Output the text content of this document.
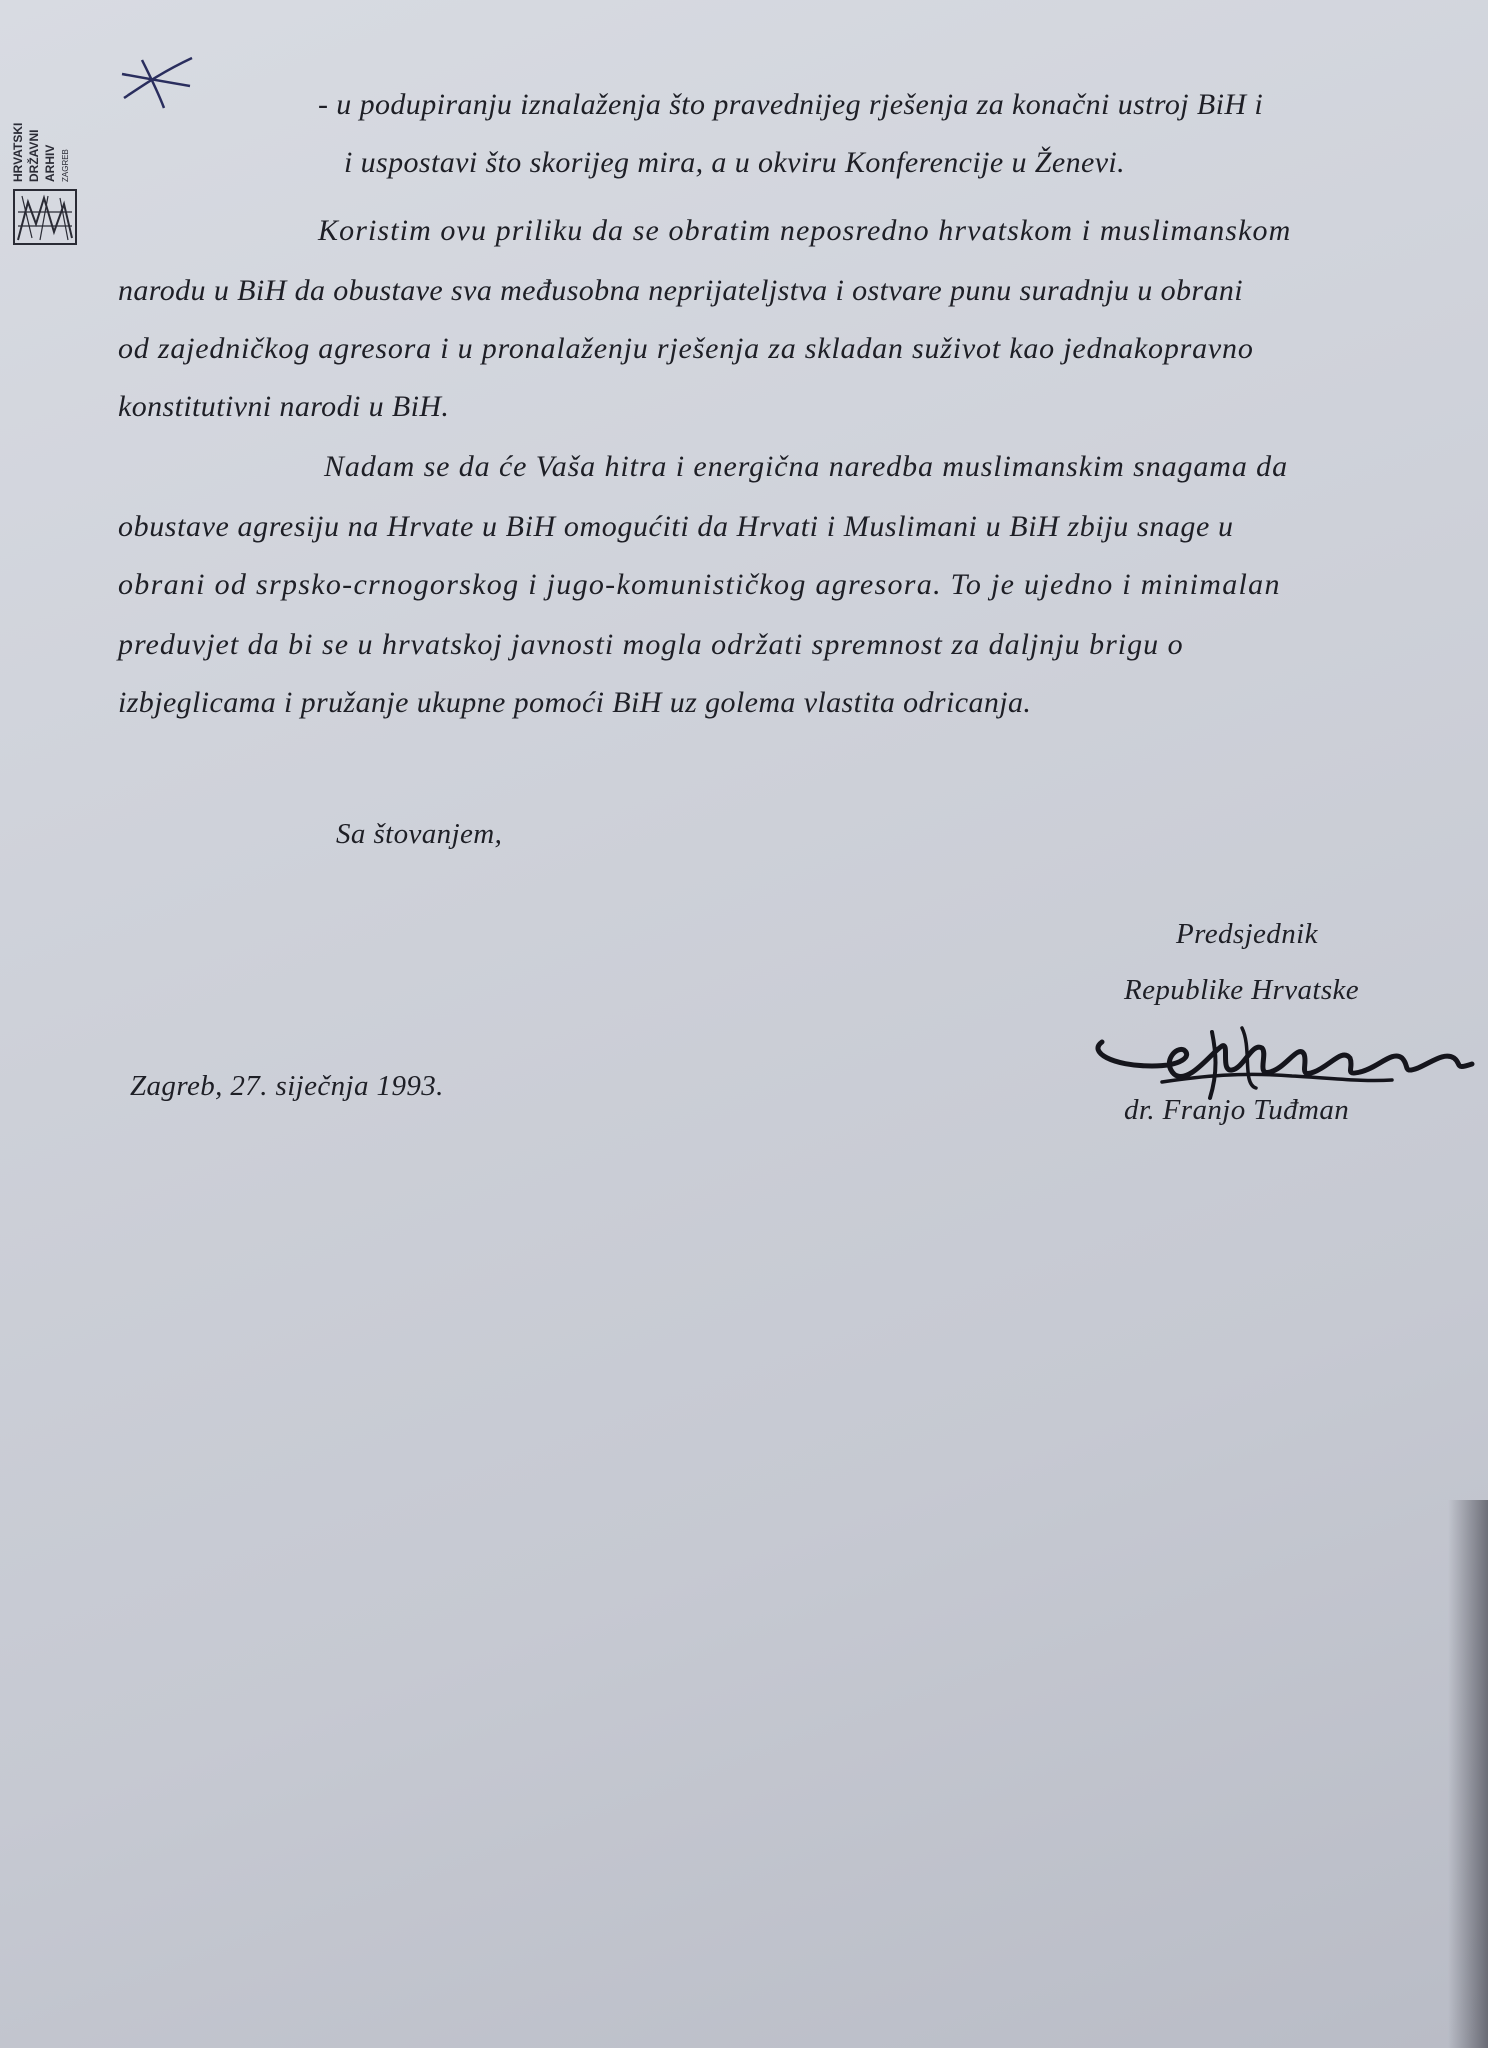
HRVATSKI DRŽAVNI ARHIV ZAGREB
- u podupiranju iznalaženja što pravednijeg rješenja za konačni ustroj BiH i
i uspostavi što skorijeg mira, a u okviru Konferencije u Ženevi.
Koristim ovu priliku da se obratim neposredno hrvatskom i muslimanskom
narodu u BiH da obustave sva međusobna neprijateljstva i ostvare punu suradnju u obrani
od zajedničkog agresora i u pronalaženju rješenja za skladan suživot kao jednakopravno
konstitutivni narodi u BiH.
Nadam se da će Vaša hitra i energična naredba muslimanskim snagama da
obustave agresiju na Hrvate u BiH omogućiti da Hrvati i Muslimani u BiH zbiju snage u
obrani od srpsko-crnogorskog i jugo-komunističkog agresora. To je ujedno i minimalan
preduvjet da bi se u hrvatskoj javnosti mogla održati spremnost za daljnju brigu o
izbjeglicama i pružanje ukupne pomoći BiH uz golema vlastita odricanja.
Sa štovanjem,
Predsjednik
Republike Hrvatske
dr. Franjo Tuđman
Zagreb, 27. siječnja 1993.
